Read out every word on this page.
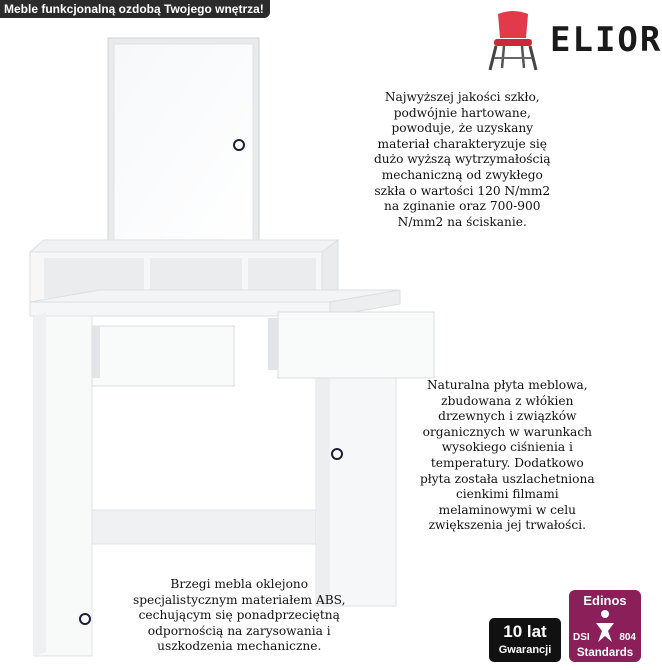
Meble funkcjonalną ozdobą Twojego wnętrza!
ELIOR
Najwyższej jakości szkło,
podwójnie hartowane,
powoduje, że uzyskany
materiał charakteryzuje się
dużo wyższą wytrzymałością
mechaniczną od zwykłego
szkła o wartości 120 N/mm2
na zginanie oraz 700-900
N/mm2 na ściskanie.
Naturalna płyta meblowa,
zbudowana z włókien
drzewnych i związków
organicznych w warunkach
wysokiego ciśnienia i
temperatury. Dodatkowo
płyta została uszlachetniona
cienkimi filmami
melaminowymi w celu
zwiększenia jej trwałości.
Brzegi mebla oklejono
specjalistycznym materiałem ABS,
cechującym się ponadprzeciętną
odpornością na zarysowania i
uszkodzenia mechaniczne.
10 lat
Gwarancji
Edinos
DSI	804
Standards
